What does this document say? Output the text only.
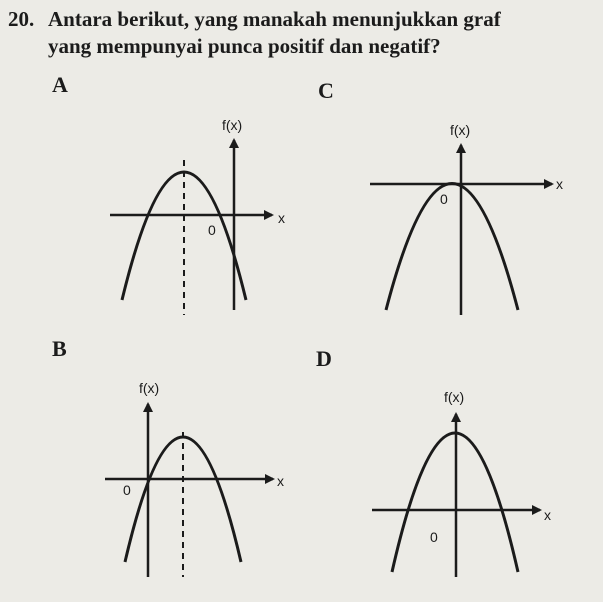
20. Antara berikut, yang manakah menunjukkan graf
yang mempunyai punca positif dan negatif?
A
f(x)
x
0
C
f(x)
x
0
B
f(x)
x
0
D
f(x)
x
0
